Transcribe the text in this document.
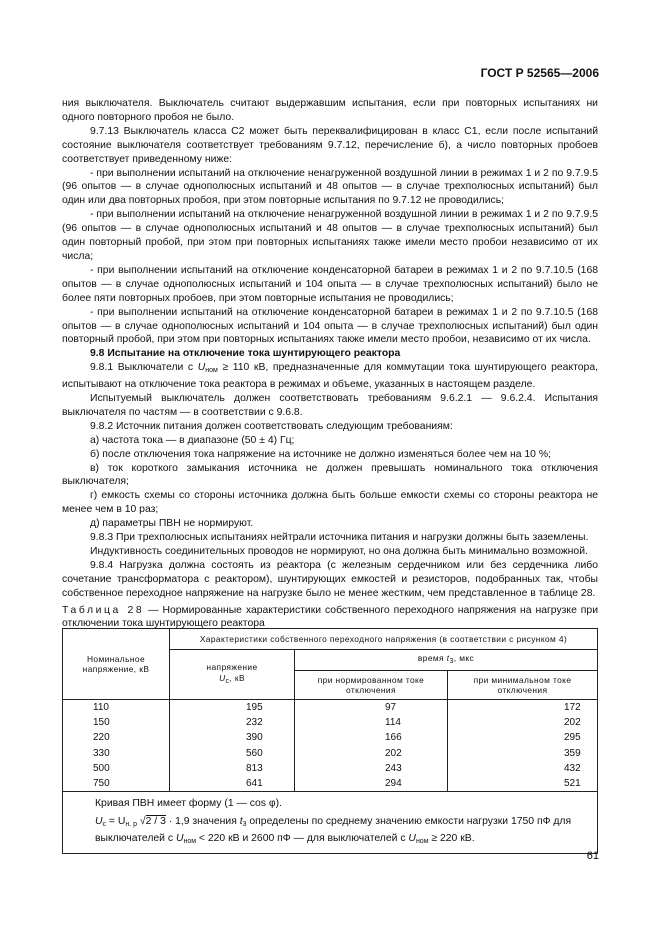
ГОСТ Р 52565—2006

ния выключателя. Выключатель считают выдержавшим испытания, если при повторных испытаниях ни одного повторного пробоя не было.

9.7.13 Выключатель класса С2 может быть переквалифицирован в класс С1, если после испытаний состояние выключателя соответствует требованиям 9.7.12, перечисление б), а число повторных пробоев соответствует приведенному ниже:

- при выполнении испытаний на отключение ненагруженной воздушной линии в режимах 1 и 2 по 9.7.9.5 (96 опытов — в случае однополюсных испытаний и 48 опытов — в случае трехполюсных испытаний) был один или два повторных пробоя, при этом повторные испытания по 9.7.12 не проводились;

- при выполнении испытаний на отключение ненагруженной воздушной линии в режимах 1 и 2 по 9.7.9.5 (96 опытов — в случае однополюсных испытаний и 48 опытов — в случае трехполюсных испытаний) был один повторный пробой, при этом при повторных испытаниях также имели место пробои независимо от их числа;

- при выполнении испытаний на отключение конденсаторной батареи в режимах 1 и 2 по 9.7.10.5 (168 опытов — в случае однополюсных испытаний и 104 опыта — в случае трехполюсных испытаний) было не более пяти повторных пробоев, при этом повторные испытания не проводились;

- при выполнении испытаний на отключение конденсаторной батареи в режимах 1 и 2 по 9.7.10.5 (168 опытов — в случае однополюсных испытаний и 104 опыта — в случае трехполюсных испытаний) был один повторный пробой, при этом при повторных испытаниях также имели место пробои, независимо от их числа.

9.8 Испытание на отключение тока шунтирующего реактора

9.8.1 Выключатели с $U_{ном} \ge 110$ кВ, предназначенные для коммутации тока шунтирующего реактора, испытывают на отключение тока реактора в режимах и объеме, указанных в настоящем разделе.

Испытуемый выключатель должен соответствовать требованиям 9.6.2.1 — 9.6.2.4. Испытания выключателя по частям — в соответствии с 9.6.8.

9.8.2 Источник питания должен соответствовать следующим требованиям:

а) частота тока — в диапазоне (50 ± 4) Гц;

б) после отключения тока напряжение на источнике не должно изменяться более чем на 10 %;

в) ток короткого замыкания источника не должен превышать номинального тока отключения выключателя;

г) емкость схемы со стороны источника должна быть больше емкости схемы со стороны реактора не менее чем в 10 раз;

д) параметры ПВН не нормируют.

9.8.3 При трехполюсных испытаниях нейтрали источника питания и нагрузки должны быть заземлены.

Индуктивность соединительных проводов не нормируют, но она должна быть минимально возможной.

9.8.4 Нагрузка должна состоять из реактора (с железным сердечником или без сердечника либо сочетание трансформатора с реактором), шунтирующих емкостей и резисторов, подобранных так, чтобы собственное переходное напряжение на нагрузке было не менее жестким, чем представленное в таблице 28.

Таблица 28 — Нормированные характеристики собственного переходного напряжения на нагрузке при отключении тока шунтирующего реактора
Номинальное напряжение, кВ	Характеристики собственного переходного напряжения (в соответствии с рисунком 4)		
	напряжение
$U_c$, кВ	время $t_3$, мкс	
		при нормированном токе отключения	при минимальном токе отключения
110	195	97	172
150	232	114	202
220	390	166	295
330	560	202	359
500	813	243	432
750	641	294	521

Кривая ПВН имеет форму (1 — cos φ).

$U_c = U_{н. р}$ √2 / 3 · 1,9 значения $t_3$ определены по среднему значению емкости нагрузки 1750 пФ для выключателей с $U_{ном} < 220$ кВ и 2600 пФ — для выключателей с $U_{ном} \ge 220$ кВ.			

61
